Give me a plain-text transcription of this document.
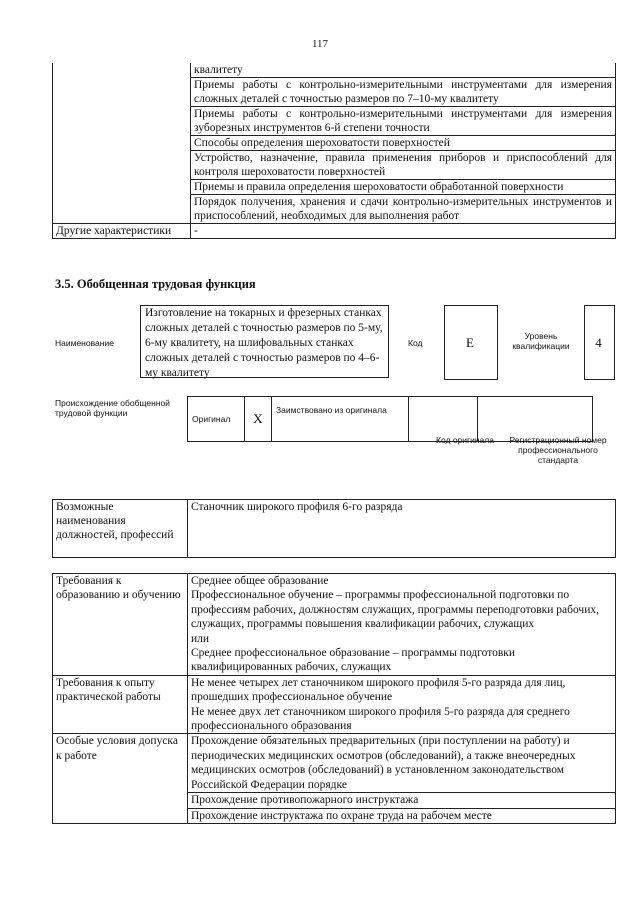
117
	квалитету
	Приемы работы с контрольно-измерительными инструментами для измерения сложных деталей с точностью размеров по 7–10-му квалитету
	Приемы работы с контрольно-измерительными инструментами для измерения зуборезных инструментов 6-й степени точности
	Способы определения шероховатости поверхностей
	Устройство, назначение, правила применения приборов и приспособлений для контроля шероховатости поверхностей
	Приемы и правила определения шероховатости обработанной поверхности
	Порядок получения, хранения и сдачи контрольно-измерительных инструментов и приспособлений, необходимых для выполнения работ
Другие характеристики	-
3.5. Обобщенная трудовая функция
Наименование
Изготовление на токарных и фрезерных станках сложных деталей с точностью размеров по 5-му, 6-му квалитету, на шлифовальных станках сложных деталей с точностью размеров по 4–6-му квалитету
Код	E	Уровень квалификации	4
Происхождение обобщенной трудовой функции
Оригинал	X	Заимствовано из оригинала		
Код оригинала	Регистрационный номер профессионального стандарта
Возможные наименования должностей, профессий	Станочник широкого профиля 6-го разряда
Требования к образованию и обучению	Среднее общее образование
Профессиональное обучение – программы профессиональной подготовки по профессиям рабочих, должностям служащих, программы переподготовки рабочих, служащих, программы повышения квалификации рабочих, служащих
или
Среднее профессиональное образование – программы подготовки квалифицированных рабочих, служащих

Требования к опыту практической работы	Не менее четырех лет станочником широкого профиля 5-го разряда для лиц, прошедших профессиональное обучение
Не менее двух лет станочником широкого профиля 5-го разряда для среднего профессионального образования

Особые условия допуска к работе	Прохождение обязательных предварительных (при поступлении на работу) и периодических медицинских осмотров (обследований), а также внеочередных медицинских осмотров (обследований) в установленном законодательством Российской Федерации порядке
	Прохождение противопожарного инструктажа
	Прохождение инструктажа по охране труда на рабочем месте
